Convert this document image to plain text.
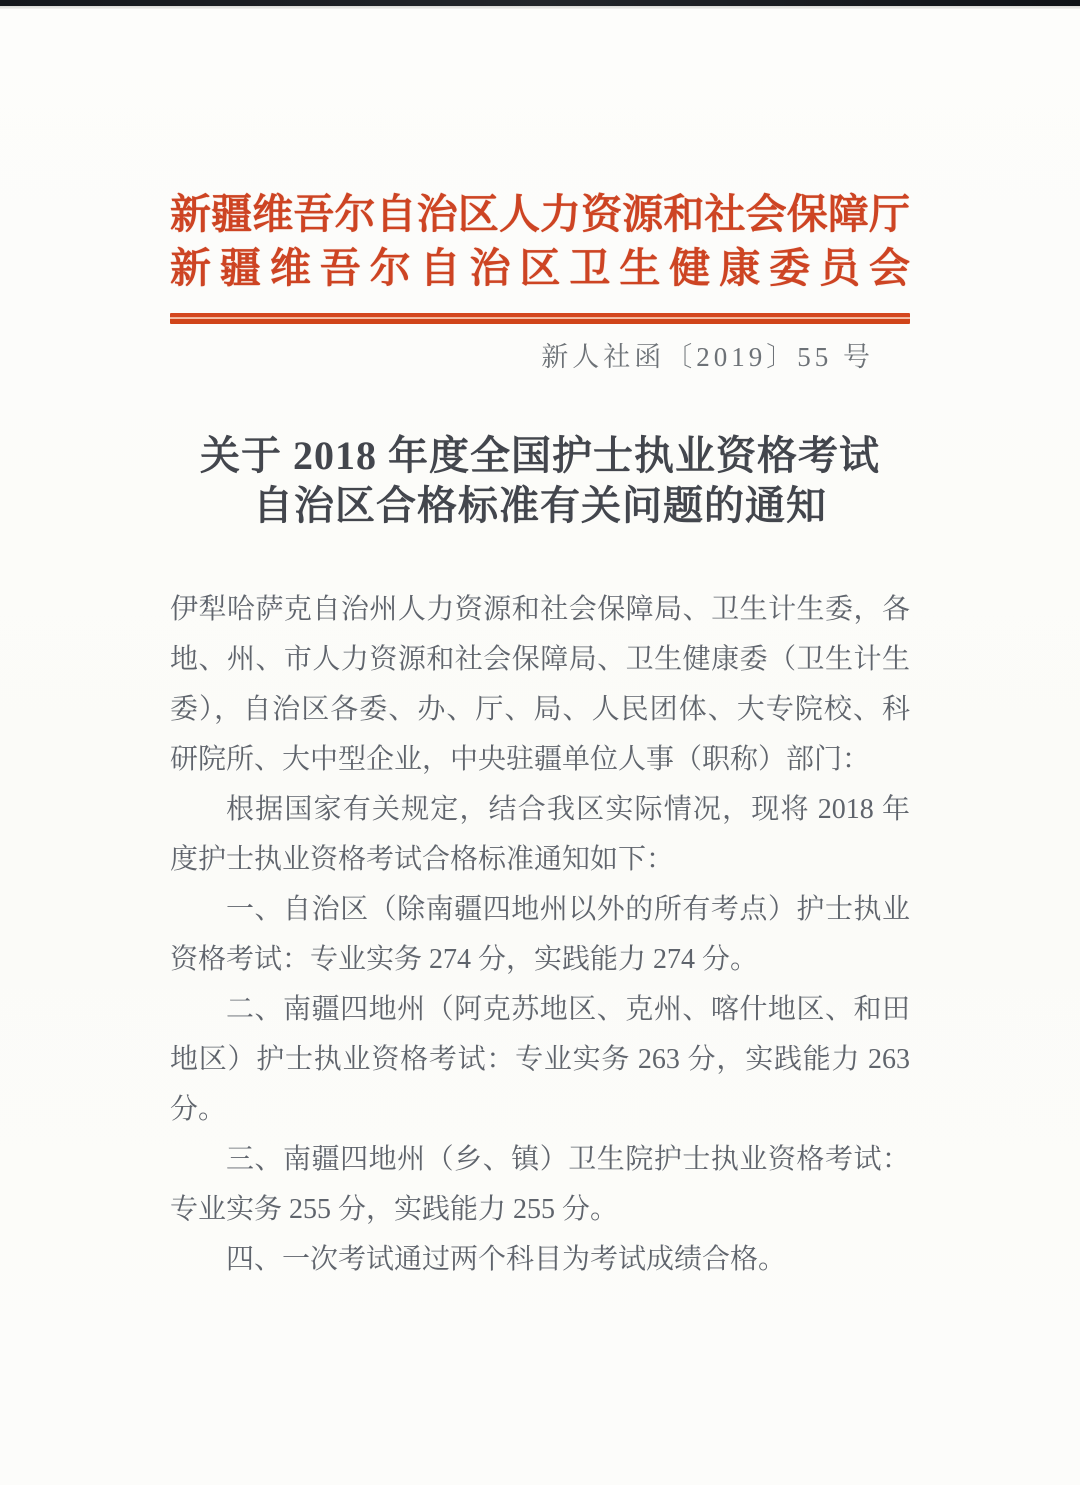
新疆维吾尔自治区人力资源和社会保障厅
新疆维吾尔自治区卫生健康委员会
新人社函〔2019〕55 号
关于 2018 年度全国护士执业资格考试
自治区合格标准有关问题的通知

伊犁哈萨克自治州人力资源和社会保障局、卫生计生委，各地、州、市人力资源和社会保障局、卫生健康委（卫生计生委），自治区各委、办、厅、局、人民团体、大专院校、科研院所、大中型企业，中央驻疆单位人事（职称）部门：

根据国家有关规定，结合我区实际情况，现将 2018 年度护士执业资格考试合格标准通知如下：

一、自治区（除南疆四地州以外的所有考点）护士执业资格考试：专业实务 274 分，实践能力 274 分。

二、南疆四地州（阿克苏地区、克州、喀什地区、和田地区）护士执业资格考试：专业实务 263 分，实践能力 263 分。

三、南疆四地州（乡、镇）卫生院护士执业资格考试：专业实务 255 分，实践能力 255 分。

四、一次考试通过两个科目为考试成绩合格。
